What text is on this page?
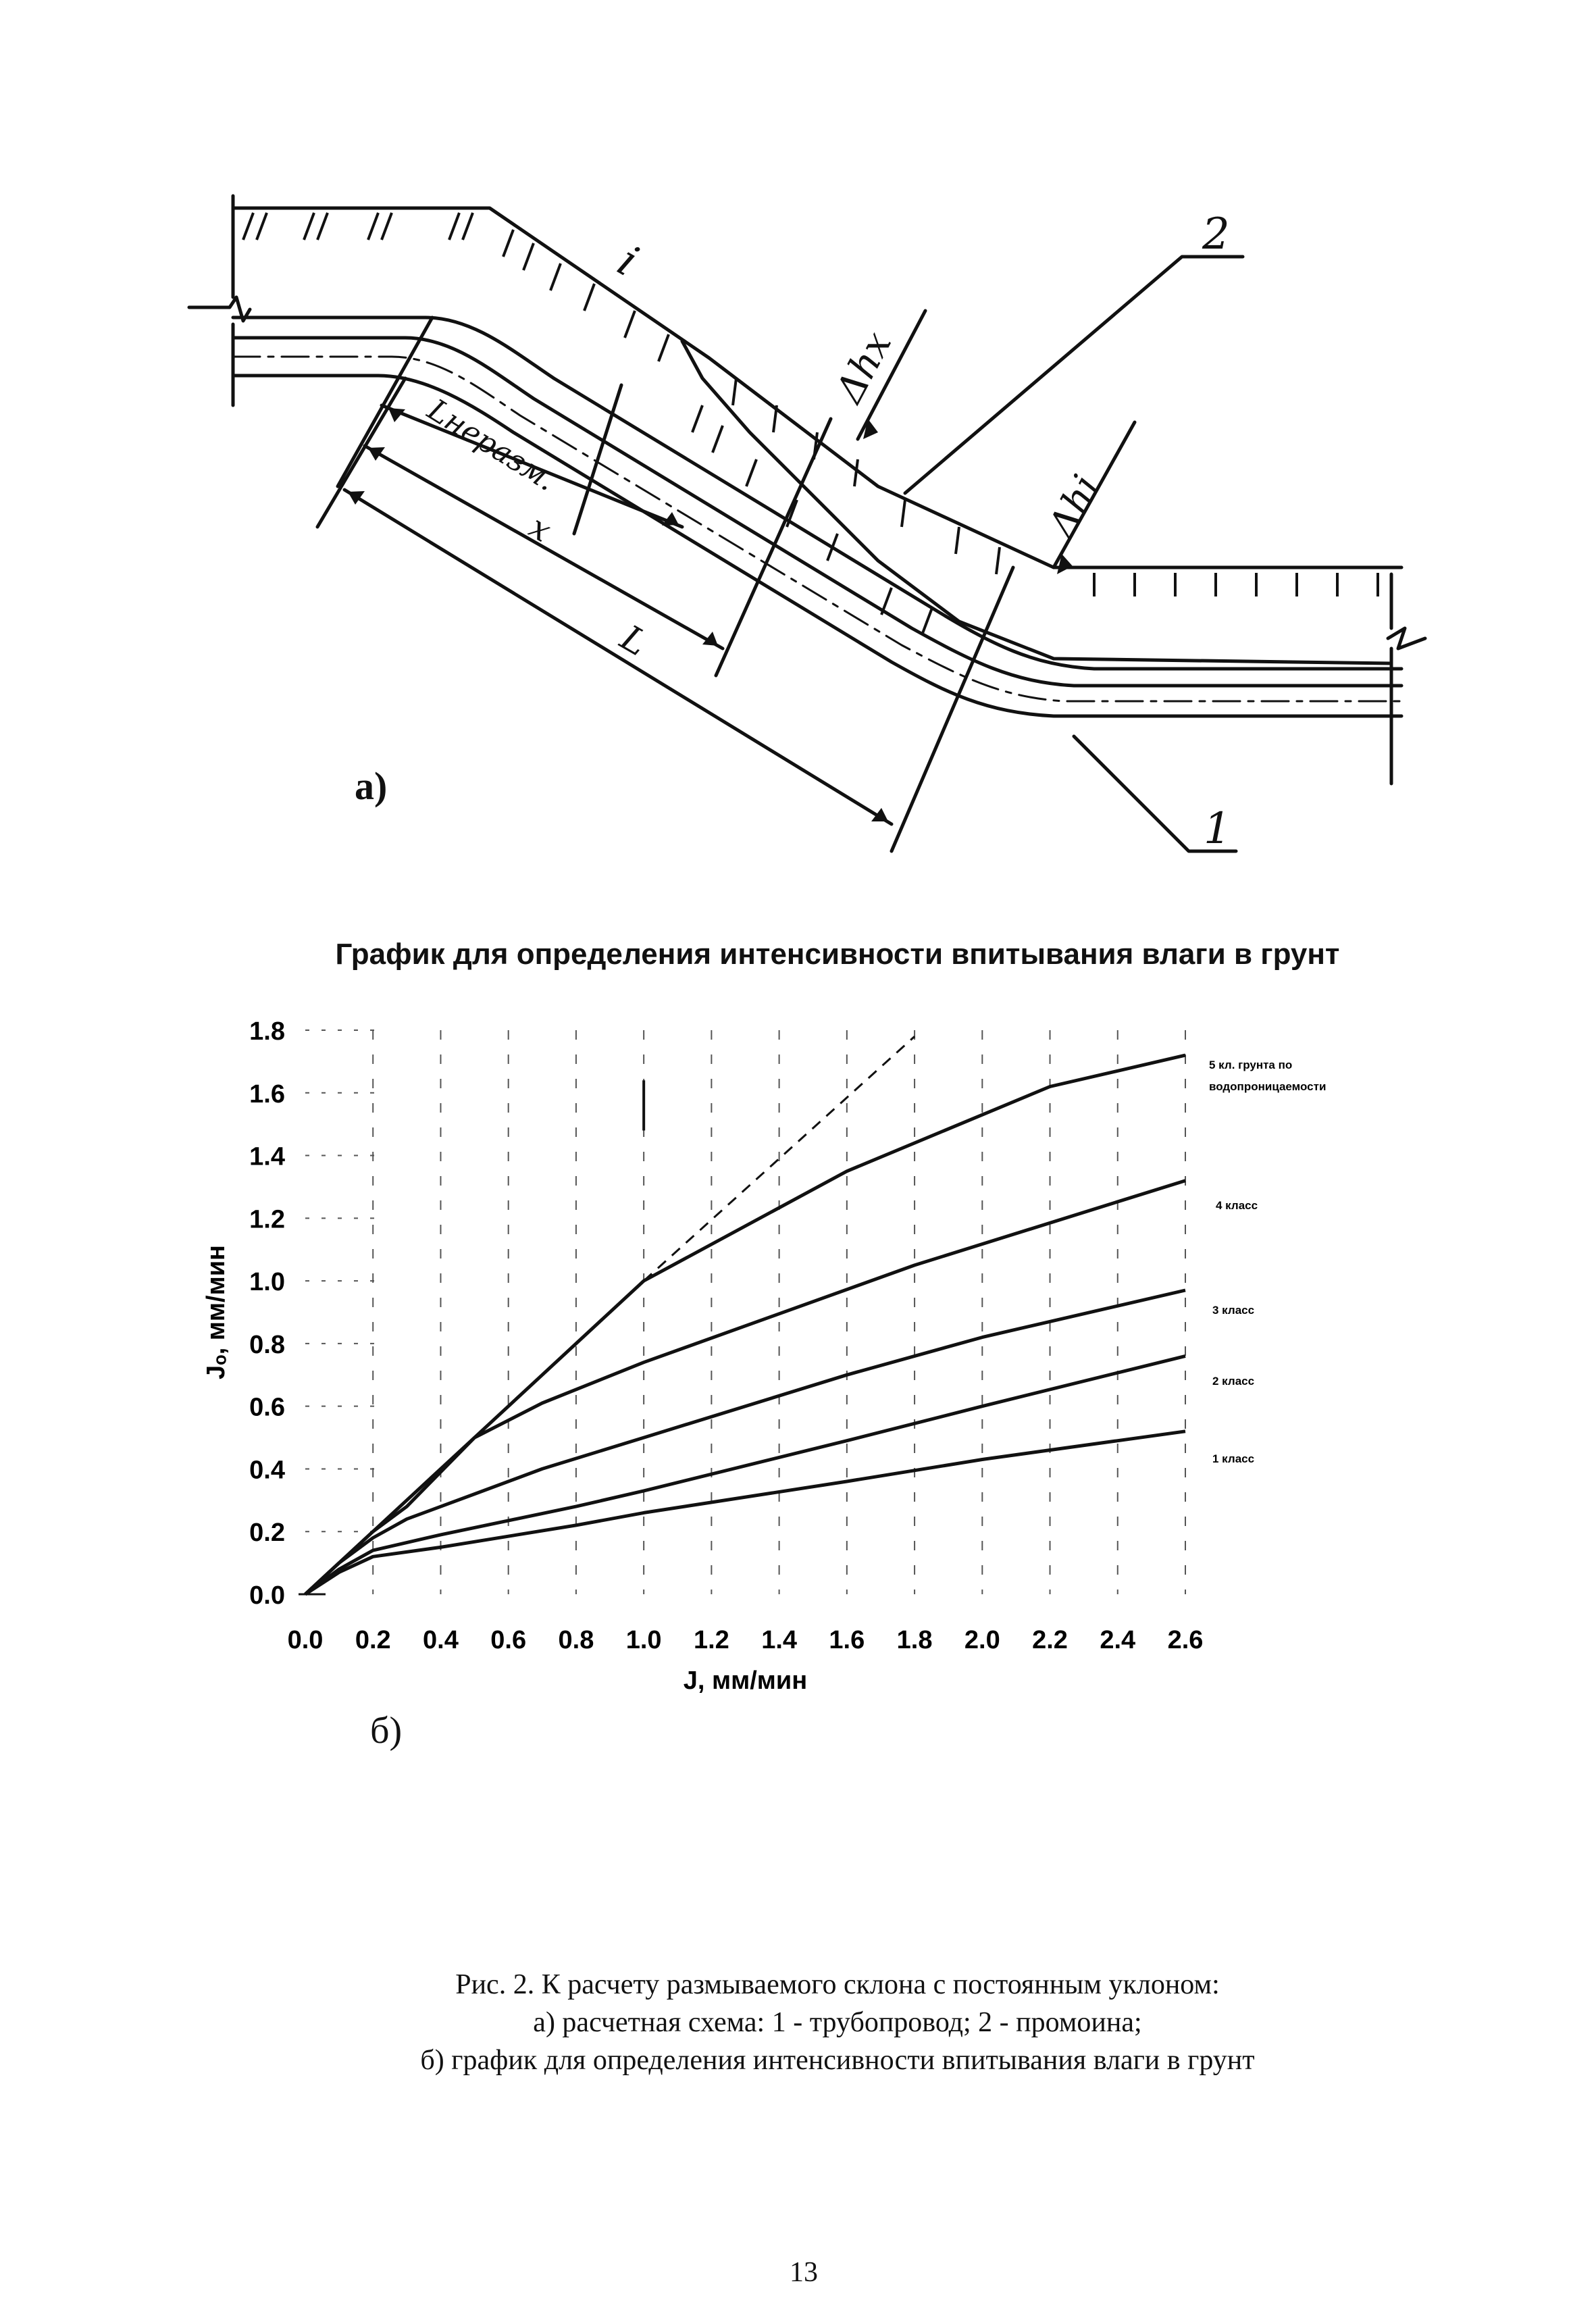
i
Δhx
Δhi
Lнеразм.
x
L
2
1
а)
График для определения интенсивности впитывания влаги в грунт
0.0 0.2 0.4 0.6 0.8 1.0 1.2 1.4 1.6 1.8 2.0 2.2 2.4 2.6
0.0
0.2
0.4
0.6
0.8
1.0
1.2
1.4
1.6
1.8
J, мм/мин
Jₒ, мм/мин
5 кл. грунта по
водопроницаемости
4 класс
3 класс
2 класс
1 класс
б)
Рис. 2. К расчету размываемого склона с постоянным уклоном:
а) расчетная схема: 1 - трубопровод; 2 - промоина;
б) график для определения интенсивности впитывания влаги в грунт
13
